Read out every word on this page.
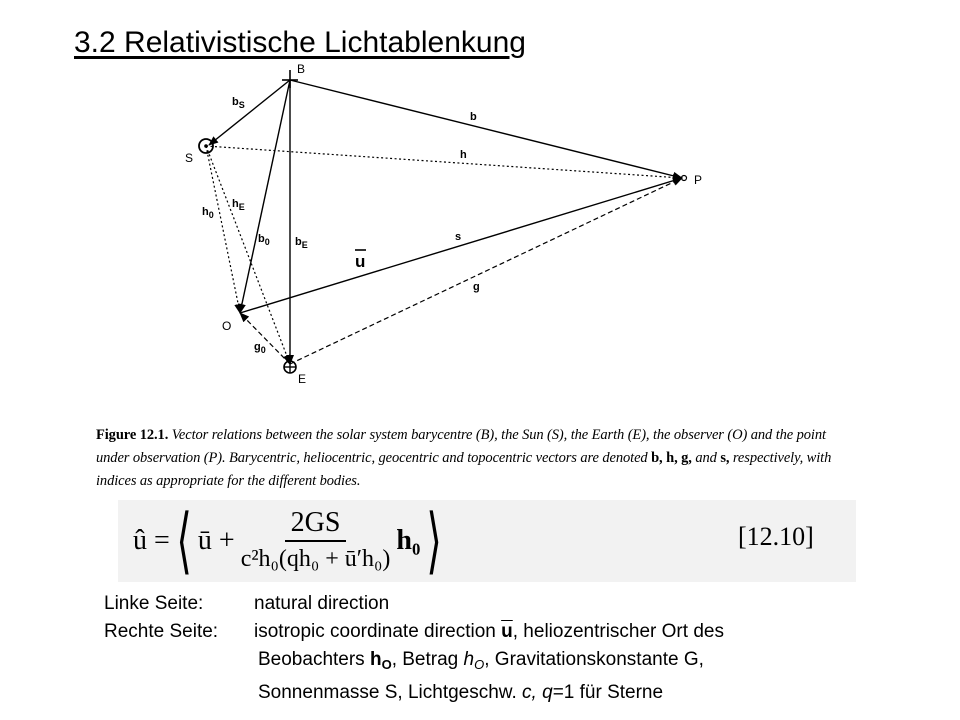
3.2 Relativistische Lichtablenkung
B
S
P
O
E
$b_S$
b
h
$h_E$
$h_0$
$b_0$ $b_E$
s
g
$g_0$
u
Figure 12.1. Vector relations between the solar system barycentre (B), the Sun (S), the Earth (E), the observer (O) and the point under observation (P). Barycentric, heliocentric, geocentric and topocentric vectors are denoted b, h, g, and s, respectively, with indices as appropriate for the different bodies.
û = ⟨ ū + $\frac{2GS}{\text{c²h₀(qh₀ + ū′h₀)}} h_0$ ⟩	[12.10]
Linke Seite:	natural direction
Rechte Seite: isotropic coordinate direction $\overline{u}$, heliozentrischer Ort des
Beobachters $h_O$, Betrag $h_O$, Gravitationskonstante G,
Sonnenmasse S, Lichtgeschw. c, q=1 für Sterne
